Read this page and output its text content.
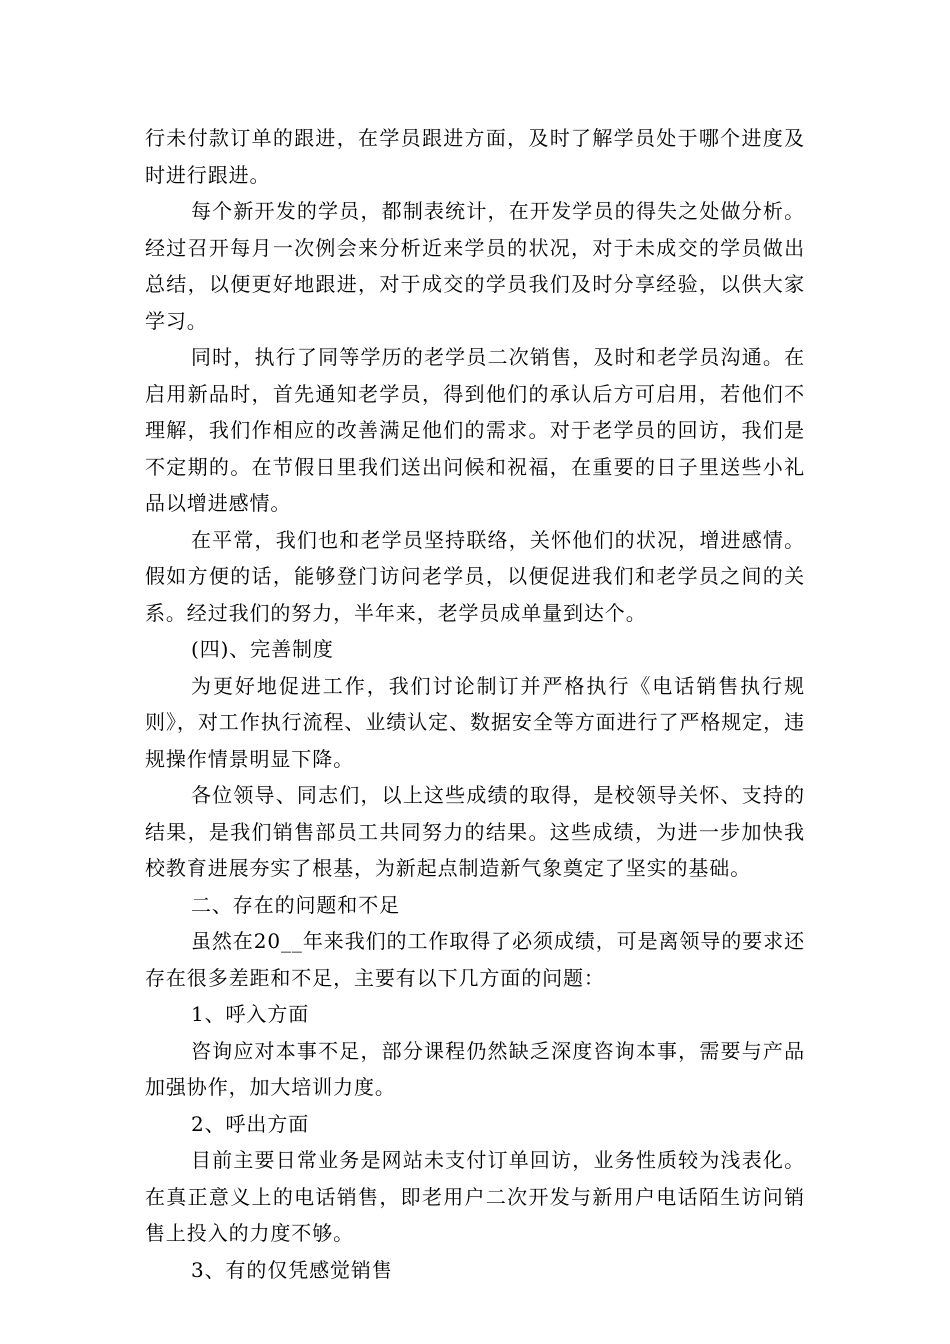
行未付款订单的跟进，在学员跟进方面，及时了解学员处于哪个进度及时进行跟进。

每个新开发的学员，都制表统计，在开发学员的得失之处做分析。经过召开每月一次例会来分析近来学员的状况，对于未成交的学员做出总结，以便更好地跟进，对于成交的学员我们及时分享经验，以供大家学习。

同时，执行了同等学历的老学员二次销售，及时和老学员沟通。在启用新品时，首先通知老学员，得到他们的承认后方可启用，若他们不理解，我们作相应的改善满足他们的需求。对于老学员的回访，我们是不定期的。在节假日里我们送出问候和祝福，在重要的日子里送些小礼品以增进感情。

在平常，我们也和老学员坚持联络，关怀他们的状况，增进感情。假如方便的话，能够登门访问老学员，以便促进我们和老学员之间的关系。经过我们的努力，半年来，老学员成单量到达个。

(四)、完善制度

为更好地促进工作，我们讨论制订并严格执行《电话销售执行规则》，对工作执行流程、业绩认定、数据安全等方面进行了严格规定，违规操作情景明显下降。

各位领导、同志们，以上这些成绩的取得，是校领导关怀、支持的结果，是我们销售部员工共同努力的结果。这些成绩，为进一步加快我校教育进展夯实了根基，为新起点制造新气象奠定了坚实的基础。

二、存在的问题和不足

虽然在20__年来我们的工作取得了必须成绩，可是离领导的要求还存在很多差距和不足，主要有以下几方面的问题：

1、呼入方面

咨询应对本事不足，部分课程仍然缺乏深度咨询本事，需要与产品加强协作，加大培训力度。

2、呼出方面

目前主要日常业务是网站未支付订单回访，业务性质较为浅表化。在真正意义上的电话销售，即老用户二次开发与新用户电话陌生访问销售上投入的力度不够。

3、有的仅凭感觉销售
